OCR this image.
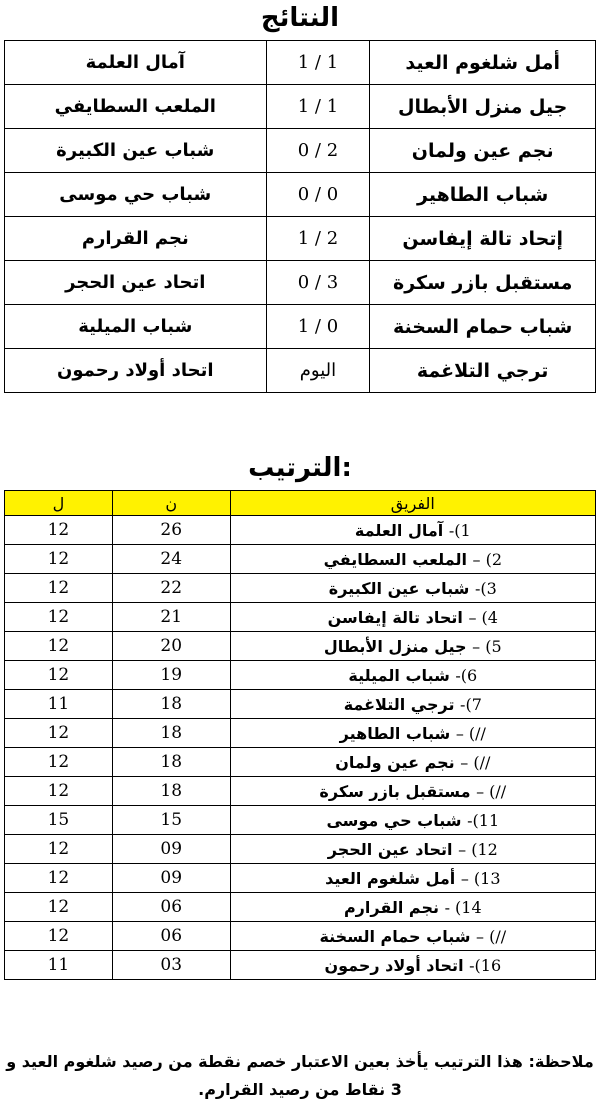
النتائج
آمال العلمة	1 / 1	أمل شلغوم العيد
الملعب السطايفي	1 / 1	جيل منزل الأبطال
شباب عين الكبيرة	0 / 2	نجم عين ولمان
شباب حي موسى	0 / 0	شباب الطاهير
نجم القرارم	1 / 2	إتحاد تالة إيفاسن
اتحاد عين الحجر	0 / 3	مستقبل بازر سكرة
شباب الميلية	1 / 0	شباب حمام السخنة
اتحاد أولاد رحمون	اليوم	ترجي التلاغمة
الترتيب:
ل	ن	الفريق
12	26	1)- آمال العلمة
12	24	2) – الملعب السطايفي
12	22	3)- شباب عين الكبيرة
12	21	4) – اتحاد تالة إيفاسن
12	20	5) – جيل منزل الأبطال
12	19	6)- شباب الميلية
11	18	7)- ترجي التلاغمة
12	18	//) – شباب الطاهير
12	18	//) – نجم عين ولمان
12	18	//) – مستقبل بازر سكرة
15	15	11)- شباب حي موسى
12	09	12) – اتحاد عين الحجر
12	09	13) – أمل شلغوم العيد
12	06	14) - نجم القرارم
12	06	//) – شباب حمام السخنة
11	03	16)- اتحاد أولاد رحمون
ملاحظة: هذا الترتيب يأخذ بعين الاعتبار خصم نقطة من رصيد شلغوم العيد و 3 نقاط من رصيد القرارم.
